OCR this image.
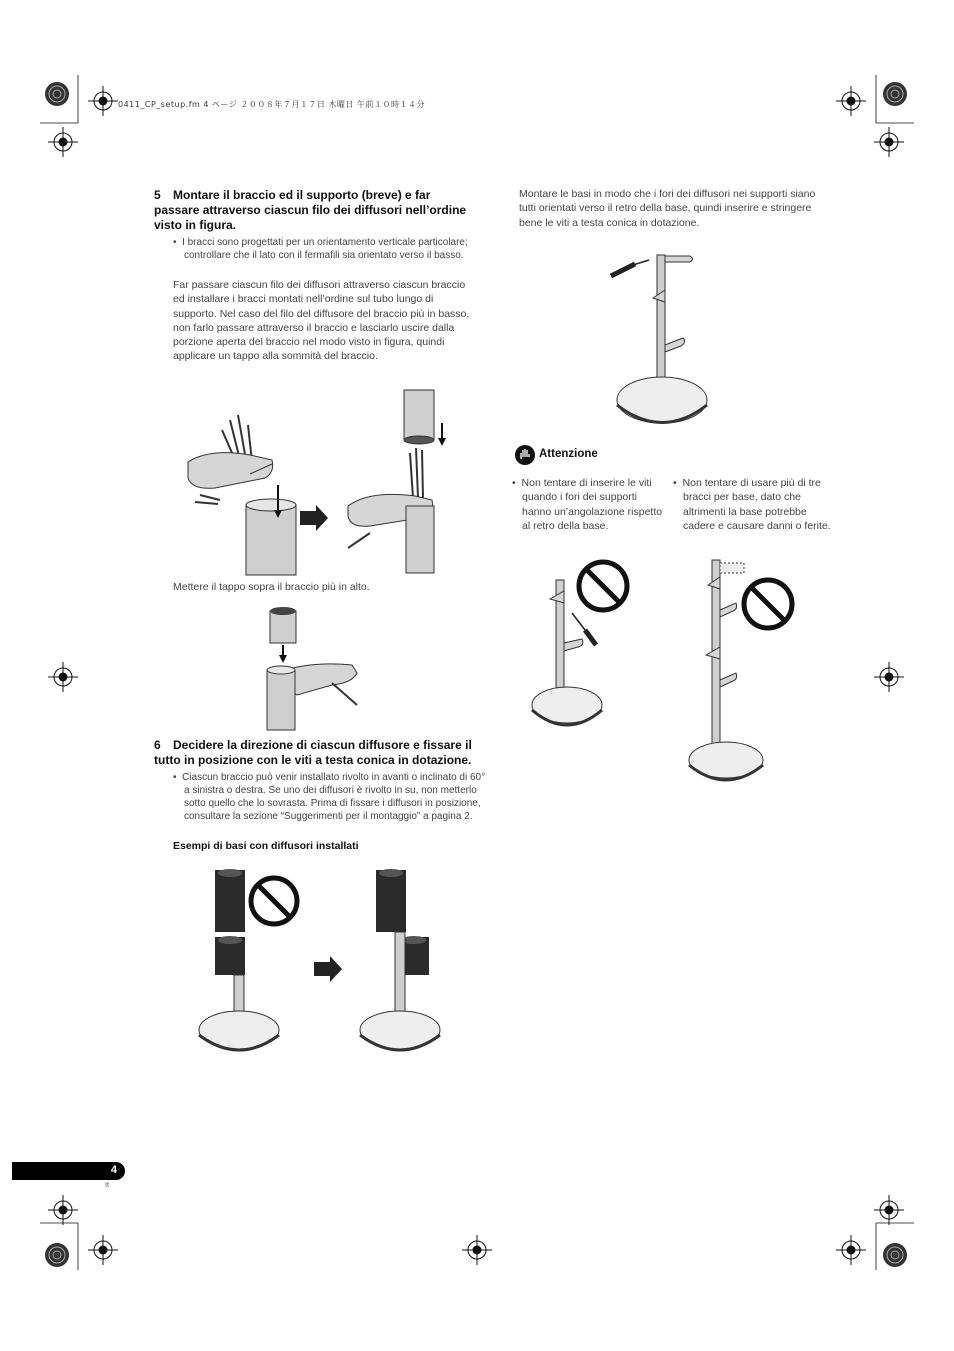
0411_CP_setup.fm 4 ページ ２００８年７月１７日 木曜日 午前１０時１４分
5 Montare il braccio ed il supporto (breve) e far passare attraverso ciascun filo dei diffusori nell’ordine visto in figura.
•  I bracci sono progettati per un orientamento verticale particolare; controllare che il lato con il fermafili sia orientato verso il basso.
Far passare ciascun filo dei diffusori attraverso ciascun braccio ed installare i bracci montati nell’ordine sul tubo lungo di supporto. Nel caso del filo del diffusore del braccio più in basso, non farlo passare attraverso il braccio e lasciarlo uscire dalla porzione aperta del braccio nel modo visto in figura, quindi applicare un tappo alla sommità del braccio.
Mettere il tappo sopra il braccio più in alto.
6 Decidere la direzione di ciascun diffusore e fissare il tutto in posizione con le viti a testa conica in dotazione.
•  Ciascun braccio può venir installato rivolto in avanti o inclinato di 60° a sinistra o destra. Se uno dei diffusori è rivolto in su, non metterlo sotto quello che lo sovrasta. Prima di fissare i diffusori in posizione, consultare la sezione “Suggerimenti per il montaggio” a pagina 2.
Esempi di basi con diffusori installati
Montare le basi in modo che i fori dei diffusori nei supporti siano tutti orientati verso il retro della base, quindi inserire e stringere bene le viti a testa conica in dotazione.
Attenzione
•  Non tentare di inserire le viti quando i fori dei supporti hanno un’angolazione rispetto al retro della base.
•  Non tentare di usare più di tre bracci per base, dato che altrimenti la base potrebbe cadere e causare danni o ferite.
4
It
